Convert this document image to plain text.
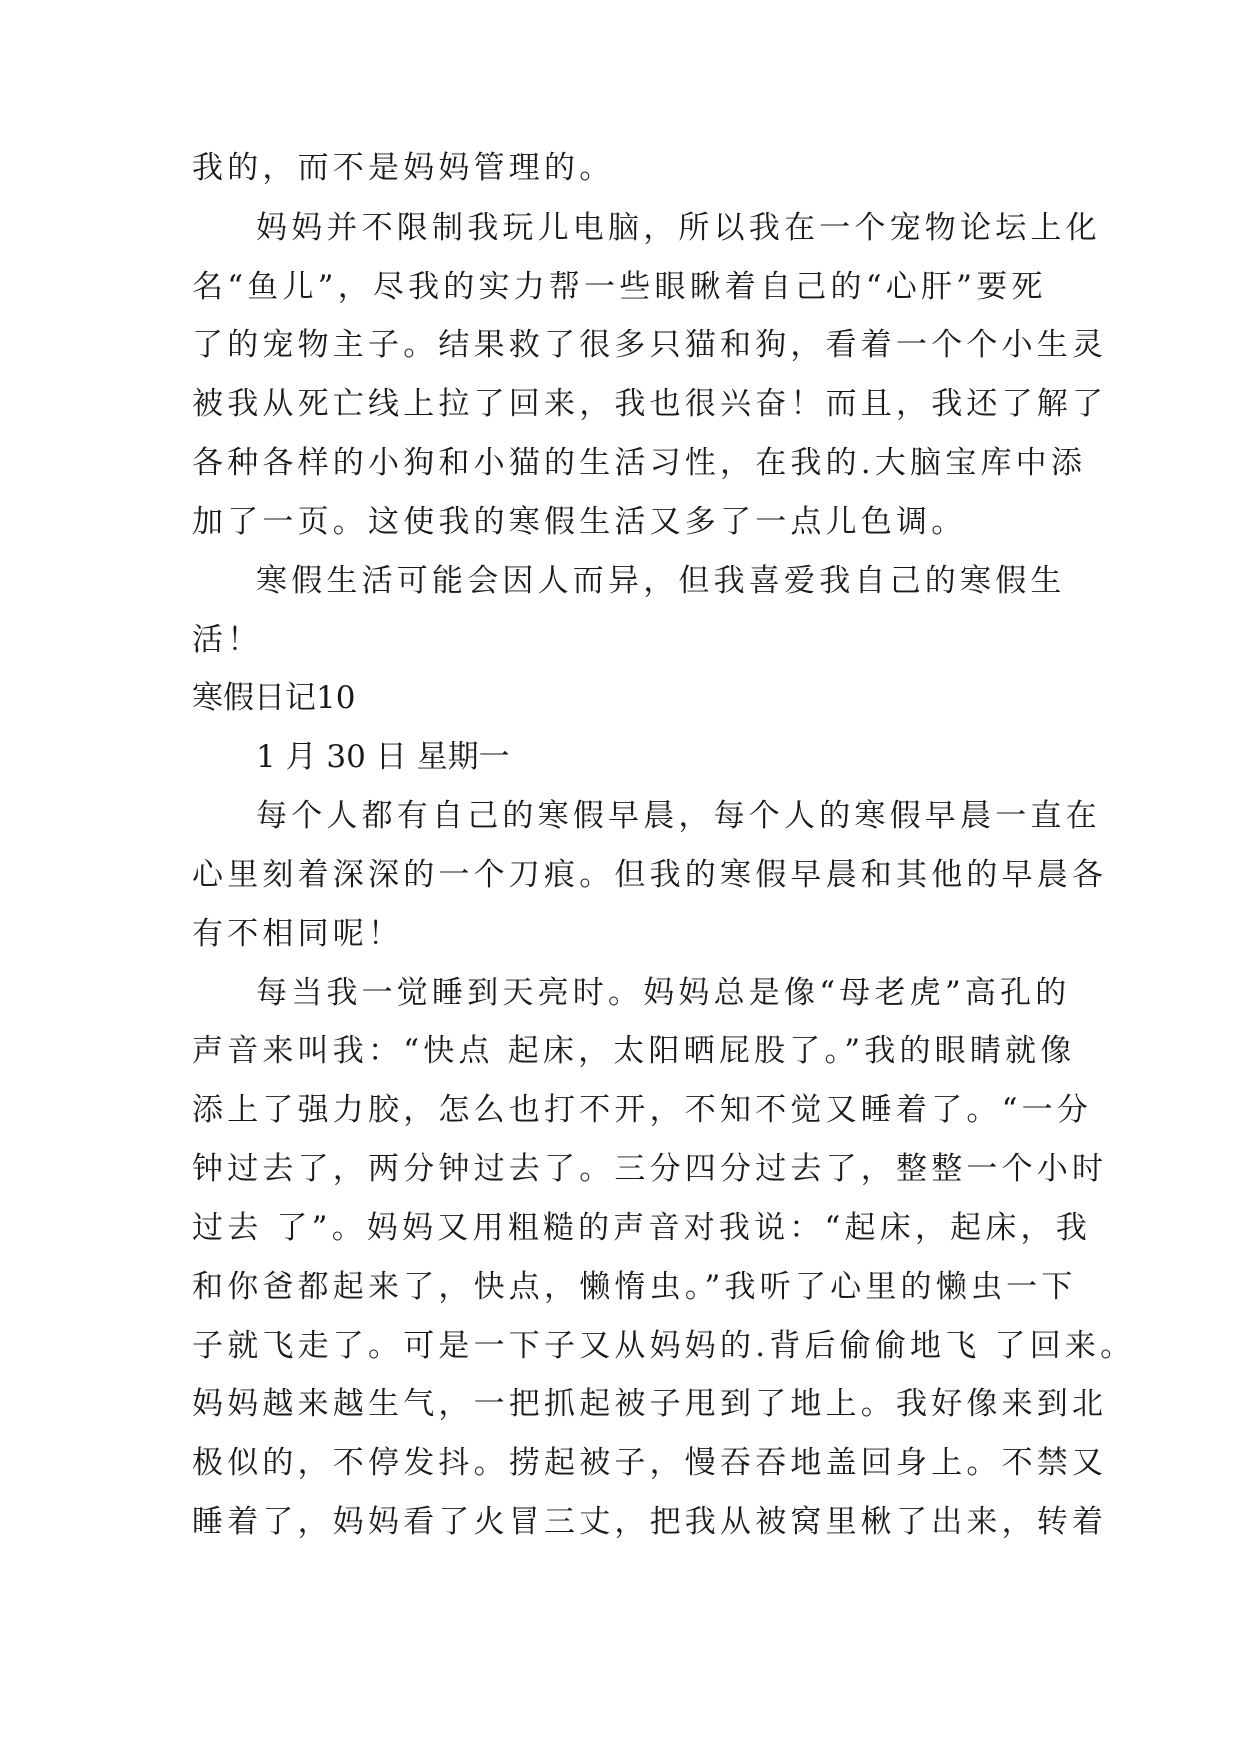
我的，而不是妈妈管理的。
妈妈并不限制我玩儿电脑，所以我在一个宠物论坛上化
名“鱼儿”，尽我的实力帮一些眼瞅着自己的“心肝”要死
了的宠物主子。结果救了很多只猫和狗，看着一个个小生灵
被我从死亡线上拉了回来，我也很兴奋！而且，我还了解了
各种各样的小狗和小猫的生活习性，在我的.大脑宝库中添
加了一页。这使我的寒假生活又多了一点儿色调。
寒假生活可能会因人而异，但我喜爱我自己的寒假生
活！
寒假日记10
1 月 30 日 星期一
每个人都有自己的寒假早晨，每个人的寒假早晨一直在
心里刻着深深的一个刀痕。但我的寒假早晨和其他的早晨各
有不相同呢！
每当我一觉睡到天亮时。妈妈总是像“母老虎”高孔的
声音来叫我：“快点 起床，太阳晒屁股了。”我的眼睛就像
添上了强力胶，怎么也打不开，不知不觉又睡着了。“一分
钟过去了，两分钟过去了。三分四分过去了，整整一个小时
过去 了”。妈妈又用粗糙的声音对我说：“起床，起床，我
和你爸都起来了，快点，懒惰虫。”我听了心里的懒虫一下
子就飞走了。可是一下子又从妈妈的.背后偷偷地飞 了回来。
妈妈越来越生气，一把抓起被子甩到了地上。我好像来到北
极似的，不停发抖。捞起被子，慢吞吞地盖回身上。不禁又
睡着了，妈妈看了火冒三丈，把我从被窝里楸了出来，转着
